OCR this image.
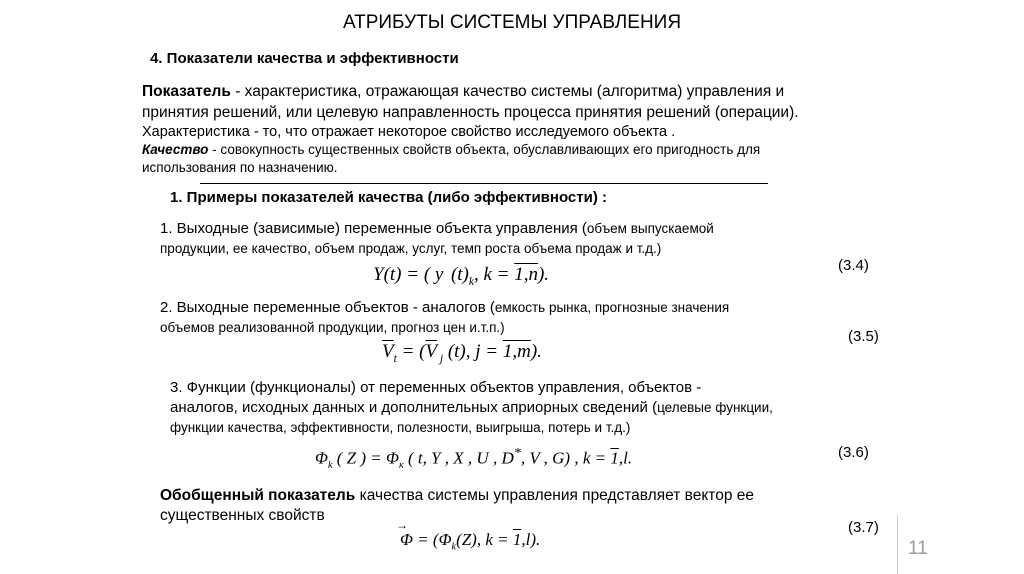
АТРИБУТЫ СИСТЕМЫ УПРАВЛЕНИЯ
4. Показатели качества и эффективности
Показатель - характеристика, отражающая качество системы (алгоритма) управления и
принятия решений, или целевую направленность процесса принятия решений (операции).
Характеристика - то, что отражает некоторое свойство исследуемого объекта .
Качество - совокупность существенных свойств объекта, обуславливающих его пригодность для
использования по назначению.
1. Примеры показателей качества (либо эффективности) :
1. Выходные (зависимые) переменные объекта управления (объем выпускаемой
продукции, ее качество, объем продаж, услуг, темп роста объема продаж и т.д.)
Y(t) = ( y  $(t)_k$, k = 1,n).	(3.4)
2. Выходные переменные объектов - аналогов (емкость рынка, прогнозные значения
объемов реализованной продукции, прогноз цен и.т.п.)
$\overline{V}_t = (\overline{V}$ $_j$ (t), j = 1,m).
(3.5)
3. Функции (функционалы) от переменных объектов управления, объектов -
аналогов, исходных данных и дополнительных априорных сведений (целевые функции,
функции качества, эффективности, полезности, выигрыша, потерь и т.д.)
$\Phi_k$ ( Z ) = $\Phi_к$ ( t, Y , X , U , D*, V , G) , k = 1,l.	(3.6)
Обобщенный показатель качества системы управления представляет вектор ее
существенных свойств
→
$\Phi = (\Phi_k(Z)$, k = 1,l).
(3.7)
11
